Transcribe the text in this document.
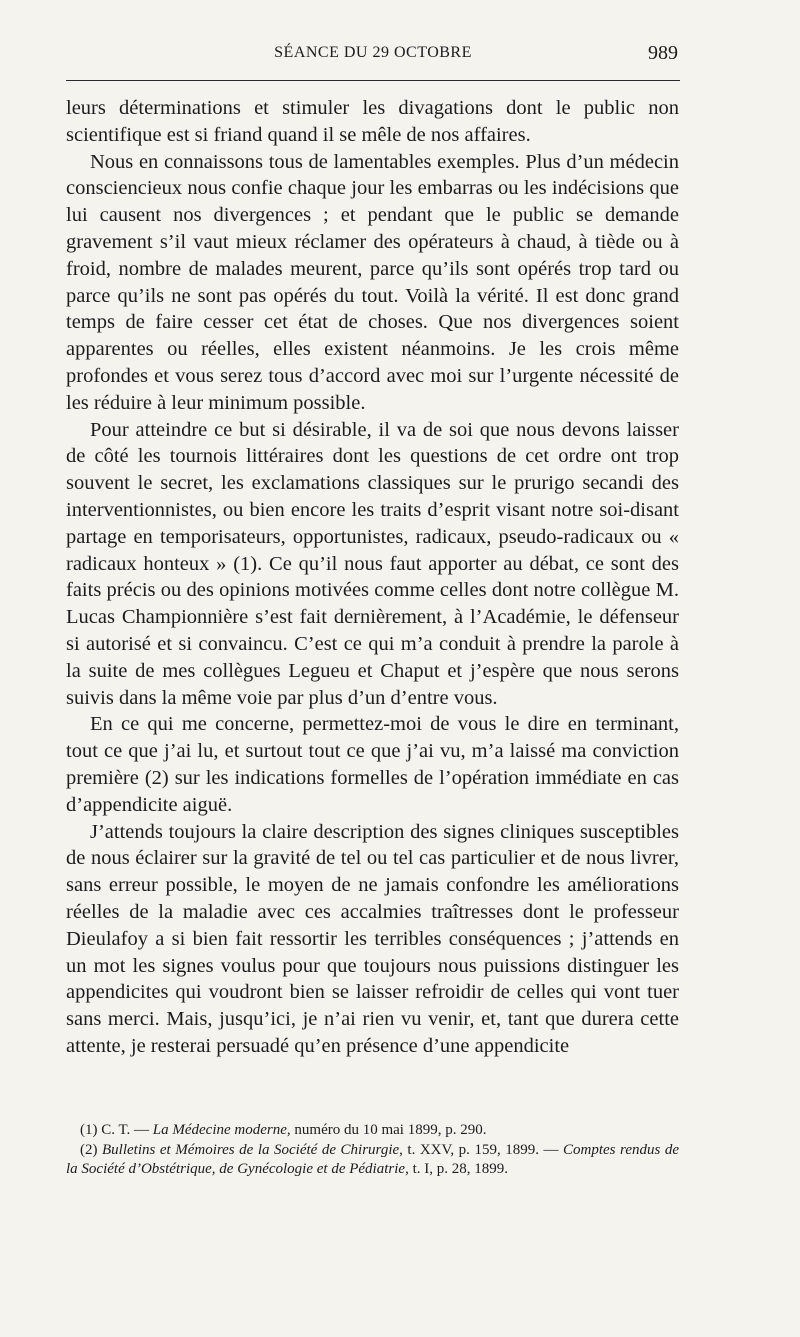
SÉANCE DU 29 OCTOBRE	989

leurs déterminations et stimuler les divagations dont le public non scientifique est si friand quand il se mêle de nos affaires.

Nous en connaissons tous de lamentables exemples. Plus d’un médecin consciencieux nous confie chaque jour les embarras ou les indécisions que lui causent nos divergences ; et pendant que le public se demande gravement s’il vaut mieux réclamer des opérateurs à chaud, à tiède ou à froid, nombre de malades meurent, parce qu’ils sont opérés trop tard ou parce qu’ils ne sont pas opérés du tout. Voilà la vérité. Il est donc grand temps de faire cesser cet état de choses. Que nos divergences soient apparentes ou réelles, elles existent néanmoins. Je les crois même profondes et vous serez tous d’accord avec moi sur l’urgente nécessité de les réduire à leur minimum possible.

Pour atteindre ce but si désirable, il va de soi que nous devons laisser de côté les tournois littéraires dont les questions de cet ordre ont trop souvent le secret, les exclamations classiques sur le prurigo secandi des interventionnistes, ou bien encore les traits d’esprit visant notre soi-disant partage en temporisateurs, opportunistes, radicaux, pseudo-radicaux ou « radicaux honteux » (1). Ce qu’il nous faut apporter au débat, ce sont des faits précis ou des opinions motivées comme celles dont notre collègue M. Lucas Championnière s’est fait dernièrement, à l’Académie, le défenseur si autorisé et si convaincu. C’est ce qui m’a conduit à prendre la parole à la suite de mes collègues Legueu et Chaput et j’espère que nous serons suivis dans la même voie par plus d’un d’entre vous.

En ce qui me concerne, permettez-moi de vous le dire en terminant, tout ce que j’ai lu, et surtout tout ce que j’ai vu, m’a laissé ma conviction première (2) sur les indications formelles de l’opération immédiate en cas d’appendicite aiguë.

J’attends toujours la claire description des signes cliniques susceptibles de nous éclairer sur la gravité de tel ou tel cas particulier et de nous livrer, sans erreur possible, le moyen de ne jamais confondre les améliorations réelles de la maladie avec ces accalmies traîtresses dont le professeur Dieulafoy a si bien fait ressortir les terribles conséquences ; j’attends en un mot les signes voulus pour que toujours nous puissions distinguer les appendicites qui voudront bien se laisser refroidir de celles qui vont tuer sans merci. Mais, jusqu’ici, je n’ai rien vu venir, et, tant que durera cette attente, je resterai persuadé qu’en présence d’une appendicite

(1) C. T. — La Médecine moderne, numéro du 10 mai 1899, p. 290.

(2) Bulletins et Mémoires de la Société de Chirurgie, t. XXV, p. 159, 1899. — Comptes rendus de la Société d’Obstétrique, de Gynécologie et de Pédiatrie, t. I, p. 28, 1899.
